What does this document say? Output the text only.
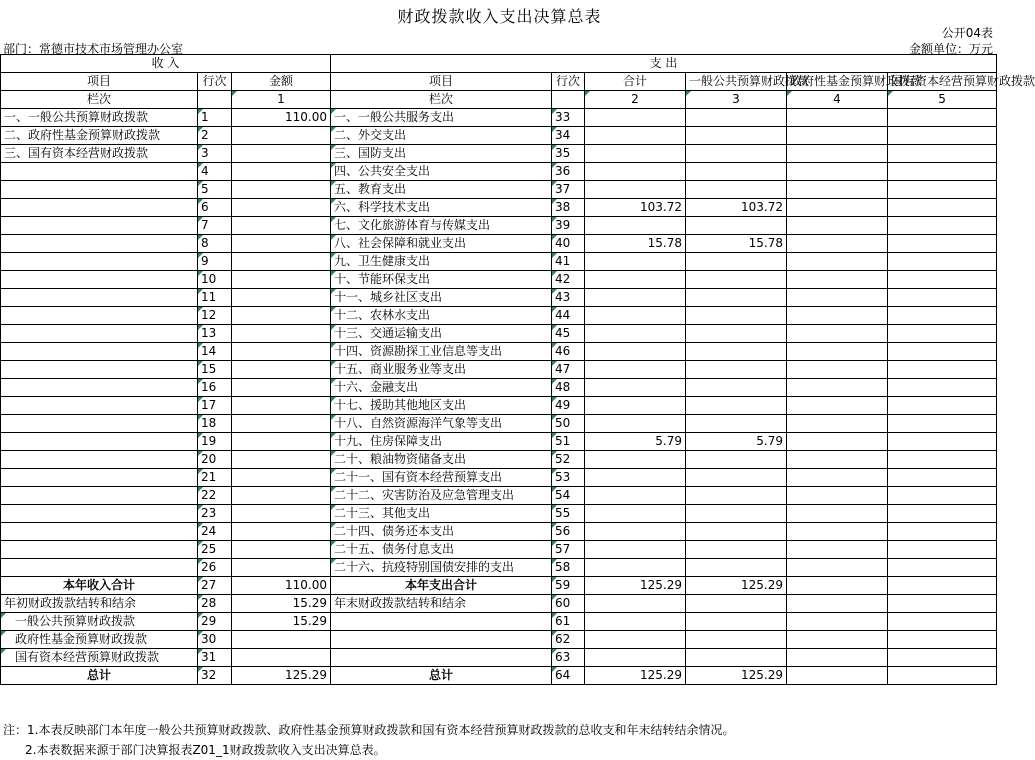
财政拨款收入支出决算总表
公开04表
部门：常德市技术市场管理办公室	金额单位：万元
收 入			支 出					
项目	行次	金额	项目	行次	合计	一般公共预算财政拨款	政府性基金预算财政拨款	国有资本经营预算财政拨款
栏次		1	栏次		2	3	4	5
一、一般公共预算财政拨款	1	110.00	一、一般公共服务支出	33				
二、政府性基金预算财政拨款	2		二、外交支出	34				
三、国有资本经营财政拨款	3		三、国防支出	35				
	4		四、公共安全支出	36				
	5		五、教育支出	37				
	6		六、科学技术支出	38	103.72	103.72		
	7		七、文化旅游体育与传媒支出	39				
	8		八、社会保障和就业支出	40	15.78	15.78		
	9		九、卫生健康支出	41				
	10		十、节能环保支出	42				
	11		十一、城乡社区支出	43				
	12		十二、农林水支出	44				
	13		十三、交通运输支出	45				
	14		十四、资源勘探工业信息等支出	46				
	15		十五、商业服务业等支出	47				
	16		十六、金融支出	48				
	17		十七、援助其他地区支出	49				
	18		十八、自然资源海洋气象等支出	50				
	19		十九、住房保障支出	51	5.79	5.79		
	20		二十、粮油物资储备支出	52				
	21		二十一、国有资本经营预算支出	53				
	22		二十二、灾害防治及应急管理支出	54				
	23		二十三、其他支出	55				
	24		二十四、债务还本支出	56				
	25		二十五、债务付息支出	57				
	26		二十六、抗疫特别国债安排的支出	58				
本年收入合计	27	110.00	本年支出合计	59	125.29	125.29		
年初财政拨款结转和结余	28	15.29	年末财政拨款结转和结余	60				
一般公共预算财政拨款	29	15.29		61				
政府性基金预算财政拨款	30			62				
国有资本经营预算财政拨款	31			63				
总计	32	125.29	总计	64	125.29	125.29		
注：1.本表反映部门本年度一般公共预算财政拨款、政府性基金预算财政拨款和国有资本经营预算财政拨款的总收支和年末结转结余情况。
2.本表数据来源于部门决算报表Z01_1财政拨款收入支出决算总表。
